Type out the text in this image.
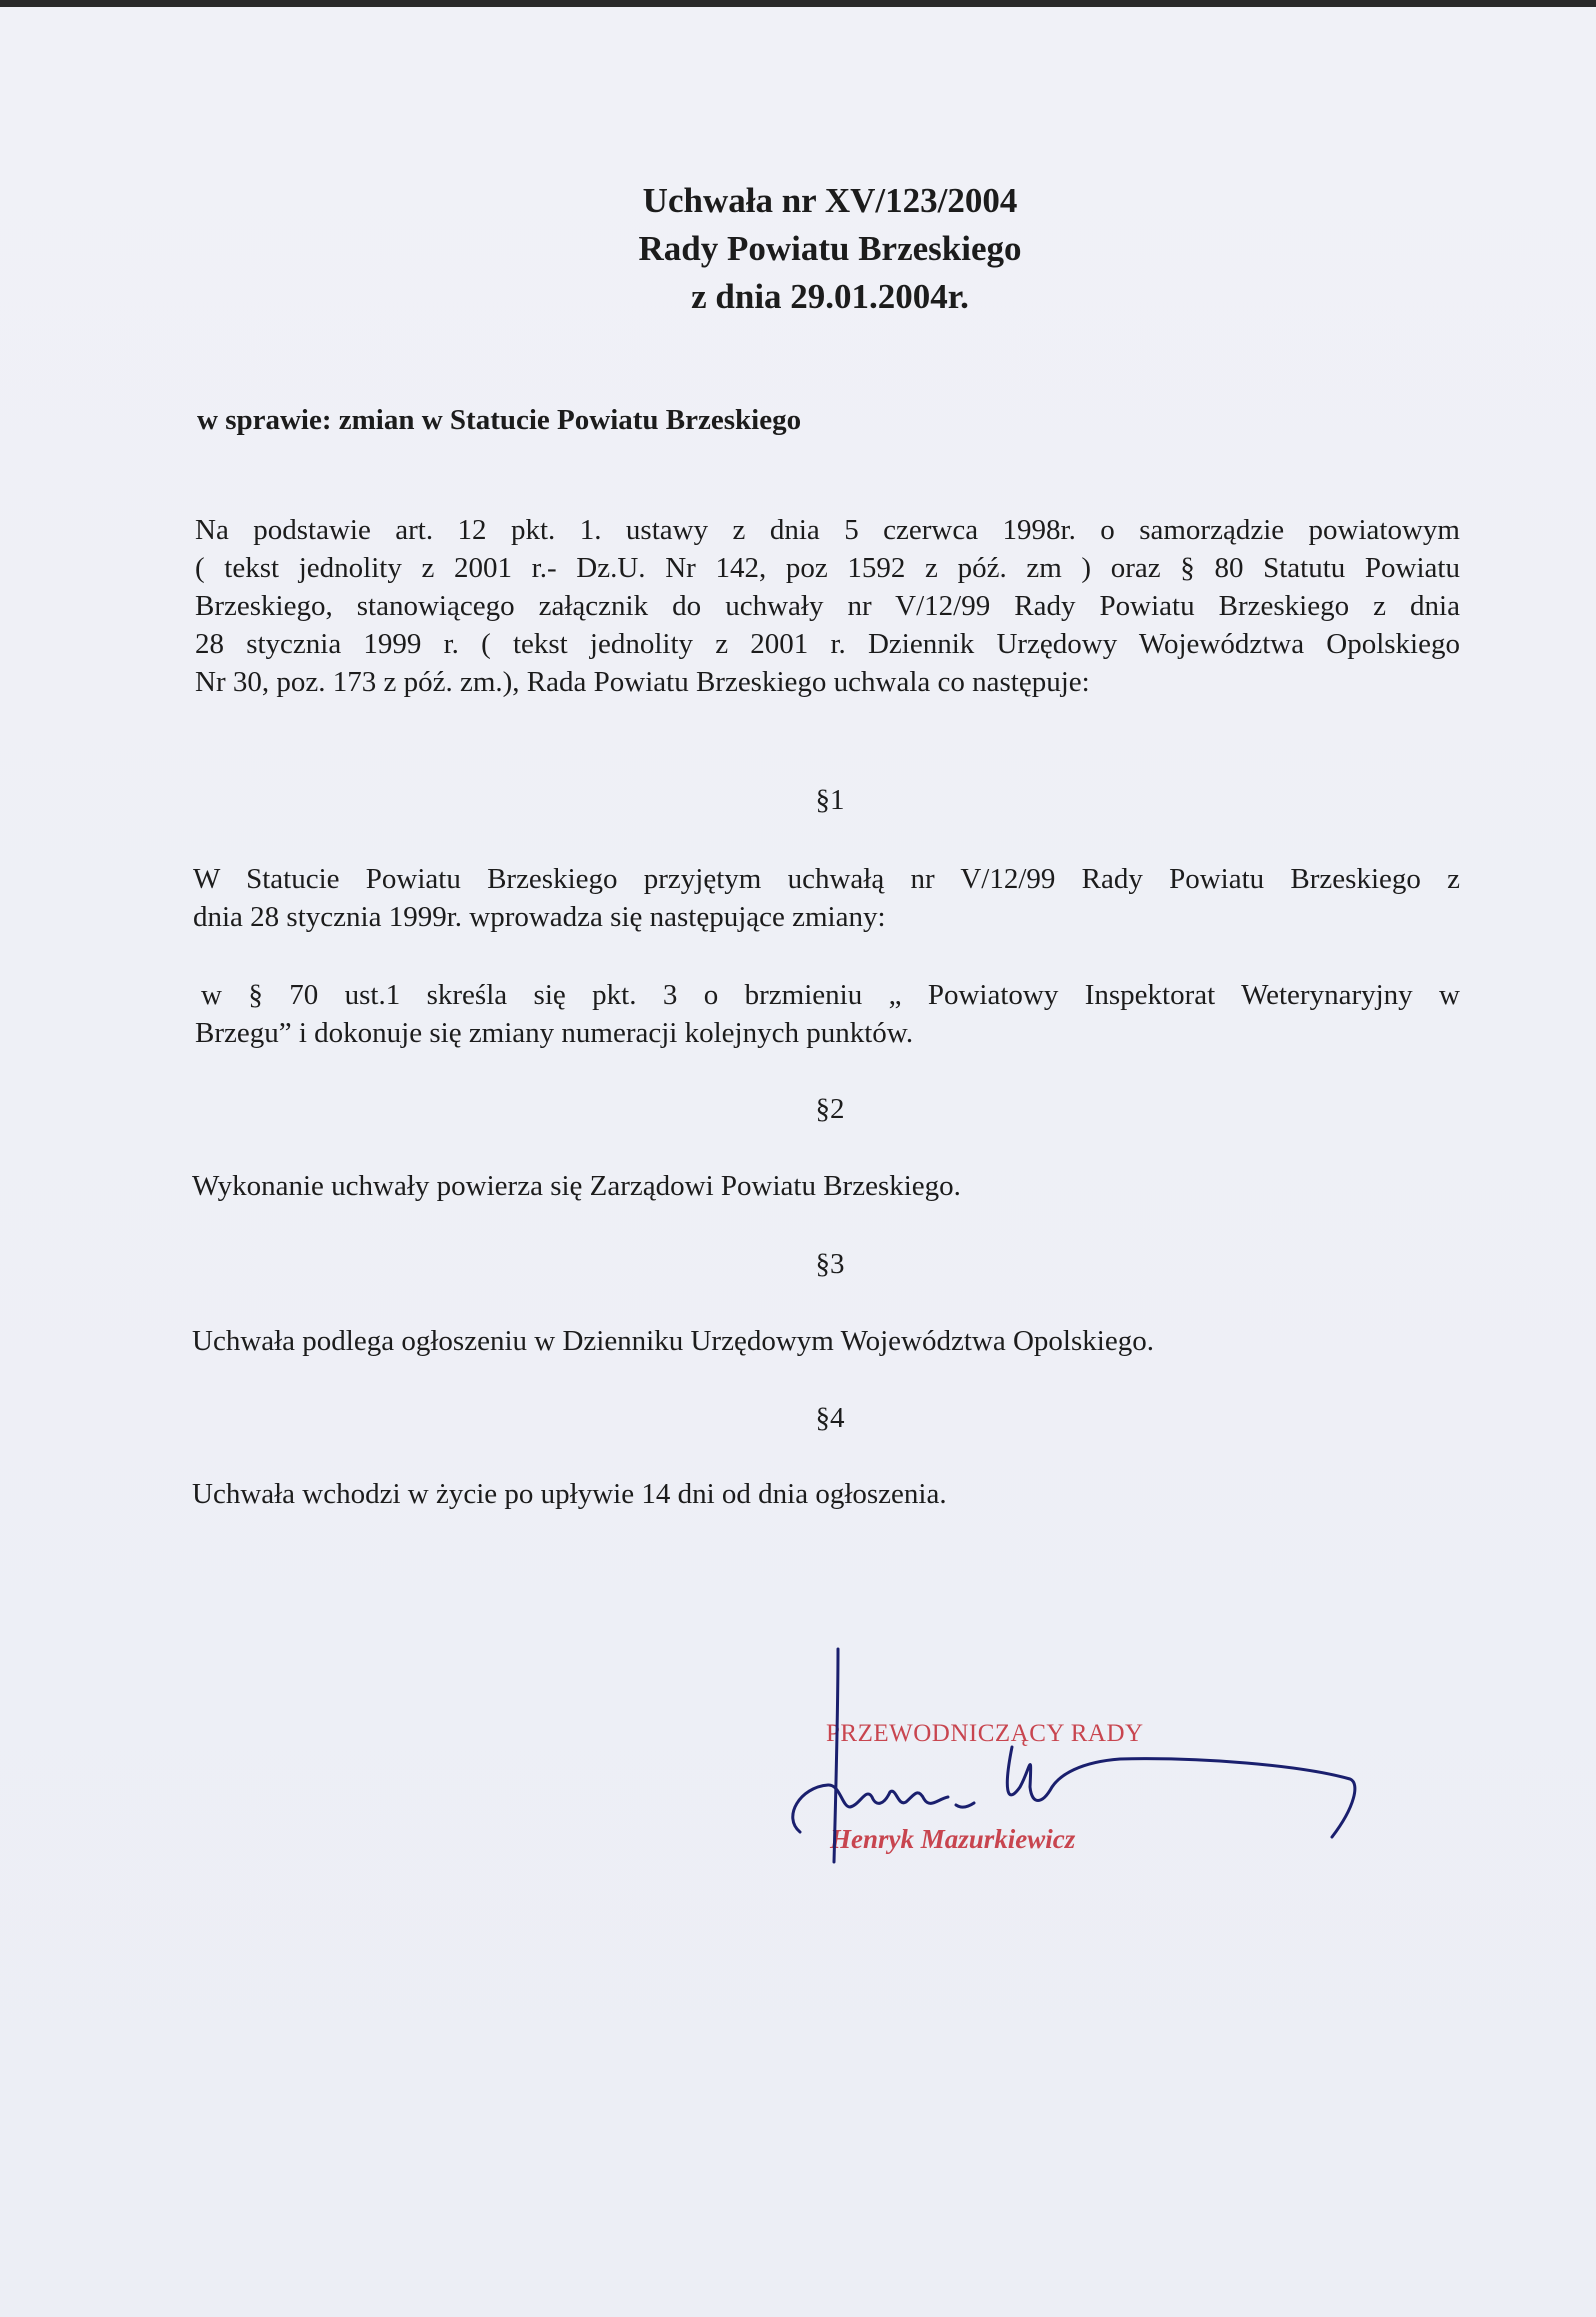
Uchwała nr XV/123/2004
Rady Powiatu Brzeskiego
z dnia 29.01.2004r.
w sprawie: zmian w Statucie Powiatu Brzeskiego
Na podstawie art. 12 pkt. 1. ustawy z dnia 5 czerwca 1998r. o samorządzie powiatowym
( tekst jednolity z 2001 r.- Dz.U. Nr 142, poz 1592 z póź. zm ) oraz § 80 Statutu Powiatu
Brzeskiego, stanowiącego załącznik do uchwały nr V/12/99 Rady Powiatu Brzeskiego z dnia
28 stycznia 1999 r. ( tekst jednolity z 2001 r. Dziennik Urzędowy Województwa Opolskiego
Nr 30, poz. 173 z póź. zm.), Rada Powiatu Brzeskiego uchwala co następuje:
§1
W Statucie Powiatu Brzeskiego przyjętym uchwałą nr V/12/99 Rady Powiatu Brzeskiego z
dnia 28 stycznia 1999r. wprowadza się następujące zmiany:
w § 70 ust.1 skreśla się pkt. 3 o brzmieniu „ Powiatowy Inspektorat Weterynaryjny w
Brzegu” i dokonuje się zmiany numeracji kolejnych punktów.
§2
Wykonanie uchwały powierza się Zarządowi Powiatu Brzeskiego.
§3
Uchwała podlega ogłoszeniu w Dzienniku Urzędowym Województwa Opolskiego.
§4
Uchwała wchodzi w życie po upływie 14 dni od dnia ogłoszenia.
PRZEWODNICZĄCY RADY
Henryk Mazurkiewicz
